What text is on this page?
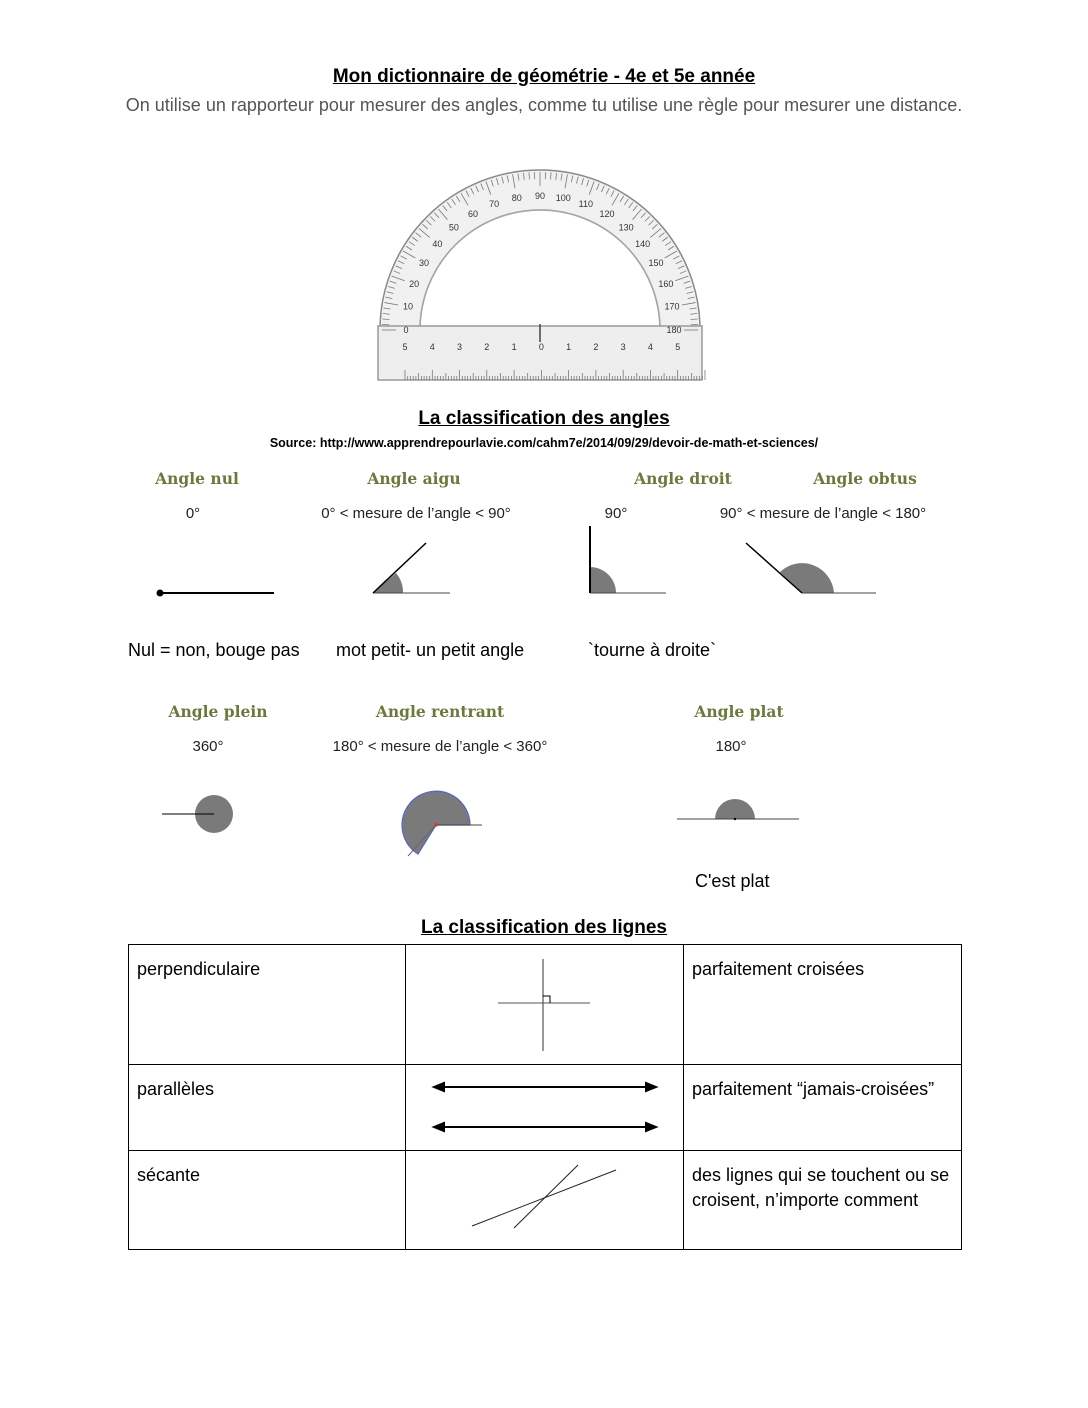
Mon dictionnaire de géométrie - 4e et 5e année
On utilise un rapporteur pour mesurer des angles, comme tu utilise une règle pour mesurer une distance.
0
10
20
30
40
50
60
70
80 90 100
110
120
130
140
150
160
170
180
5 4 3 2 1 0 1 2 3 4 5
La classification des angles
Source: http://www.apprendrepourlavie.com/cahm7e/2014/09/29/devoir-de-math-et-sciences/
Angle nul
0°
Angle aigu
0° < mesure de l’angle < 90°
Angle droit
90°
Angle obtus
90° < mesure de l’angle < 180°
Nul = non, bouge pas mot petit- un petit angle	`tourne à droite`
Angle plein
360°
Angle rentrant
180° < mesure de l’angle < 360°
Angle plat
180°
C'est plat
La classification des lignes
perpendiculaire		parfaitement croisées
parallèles		parfaitement “jamais-croisées”
sécante		des lignes qui se touchent ou se croisent, n’importe comment
